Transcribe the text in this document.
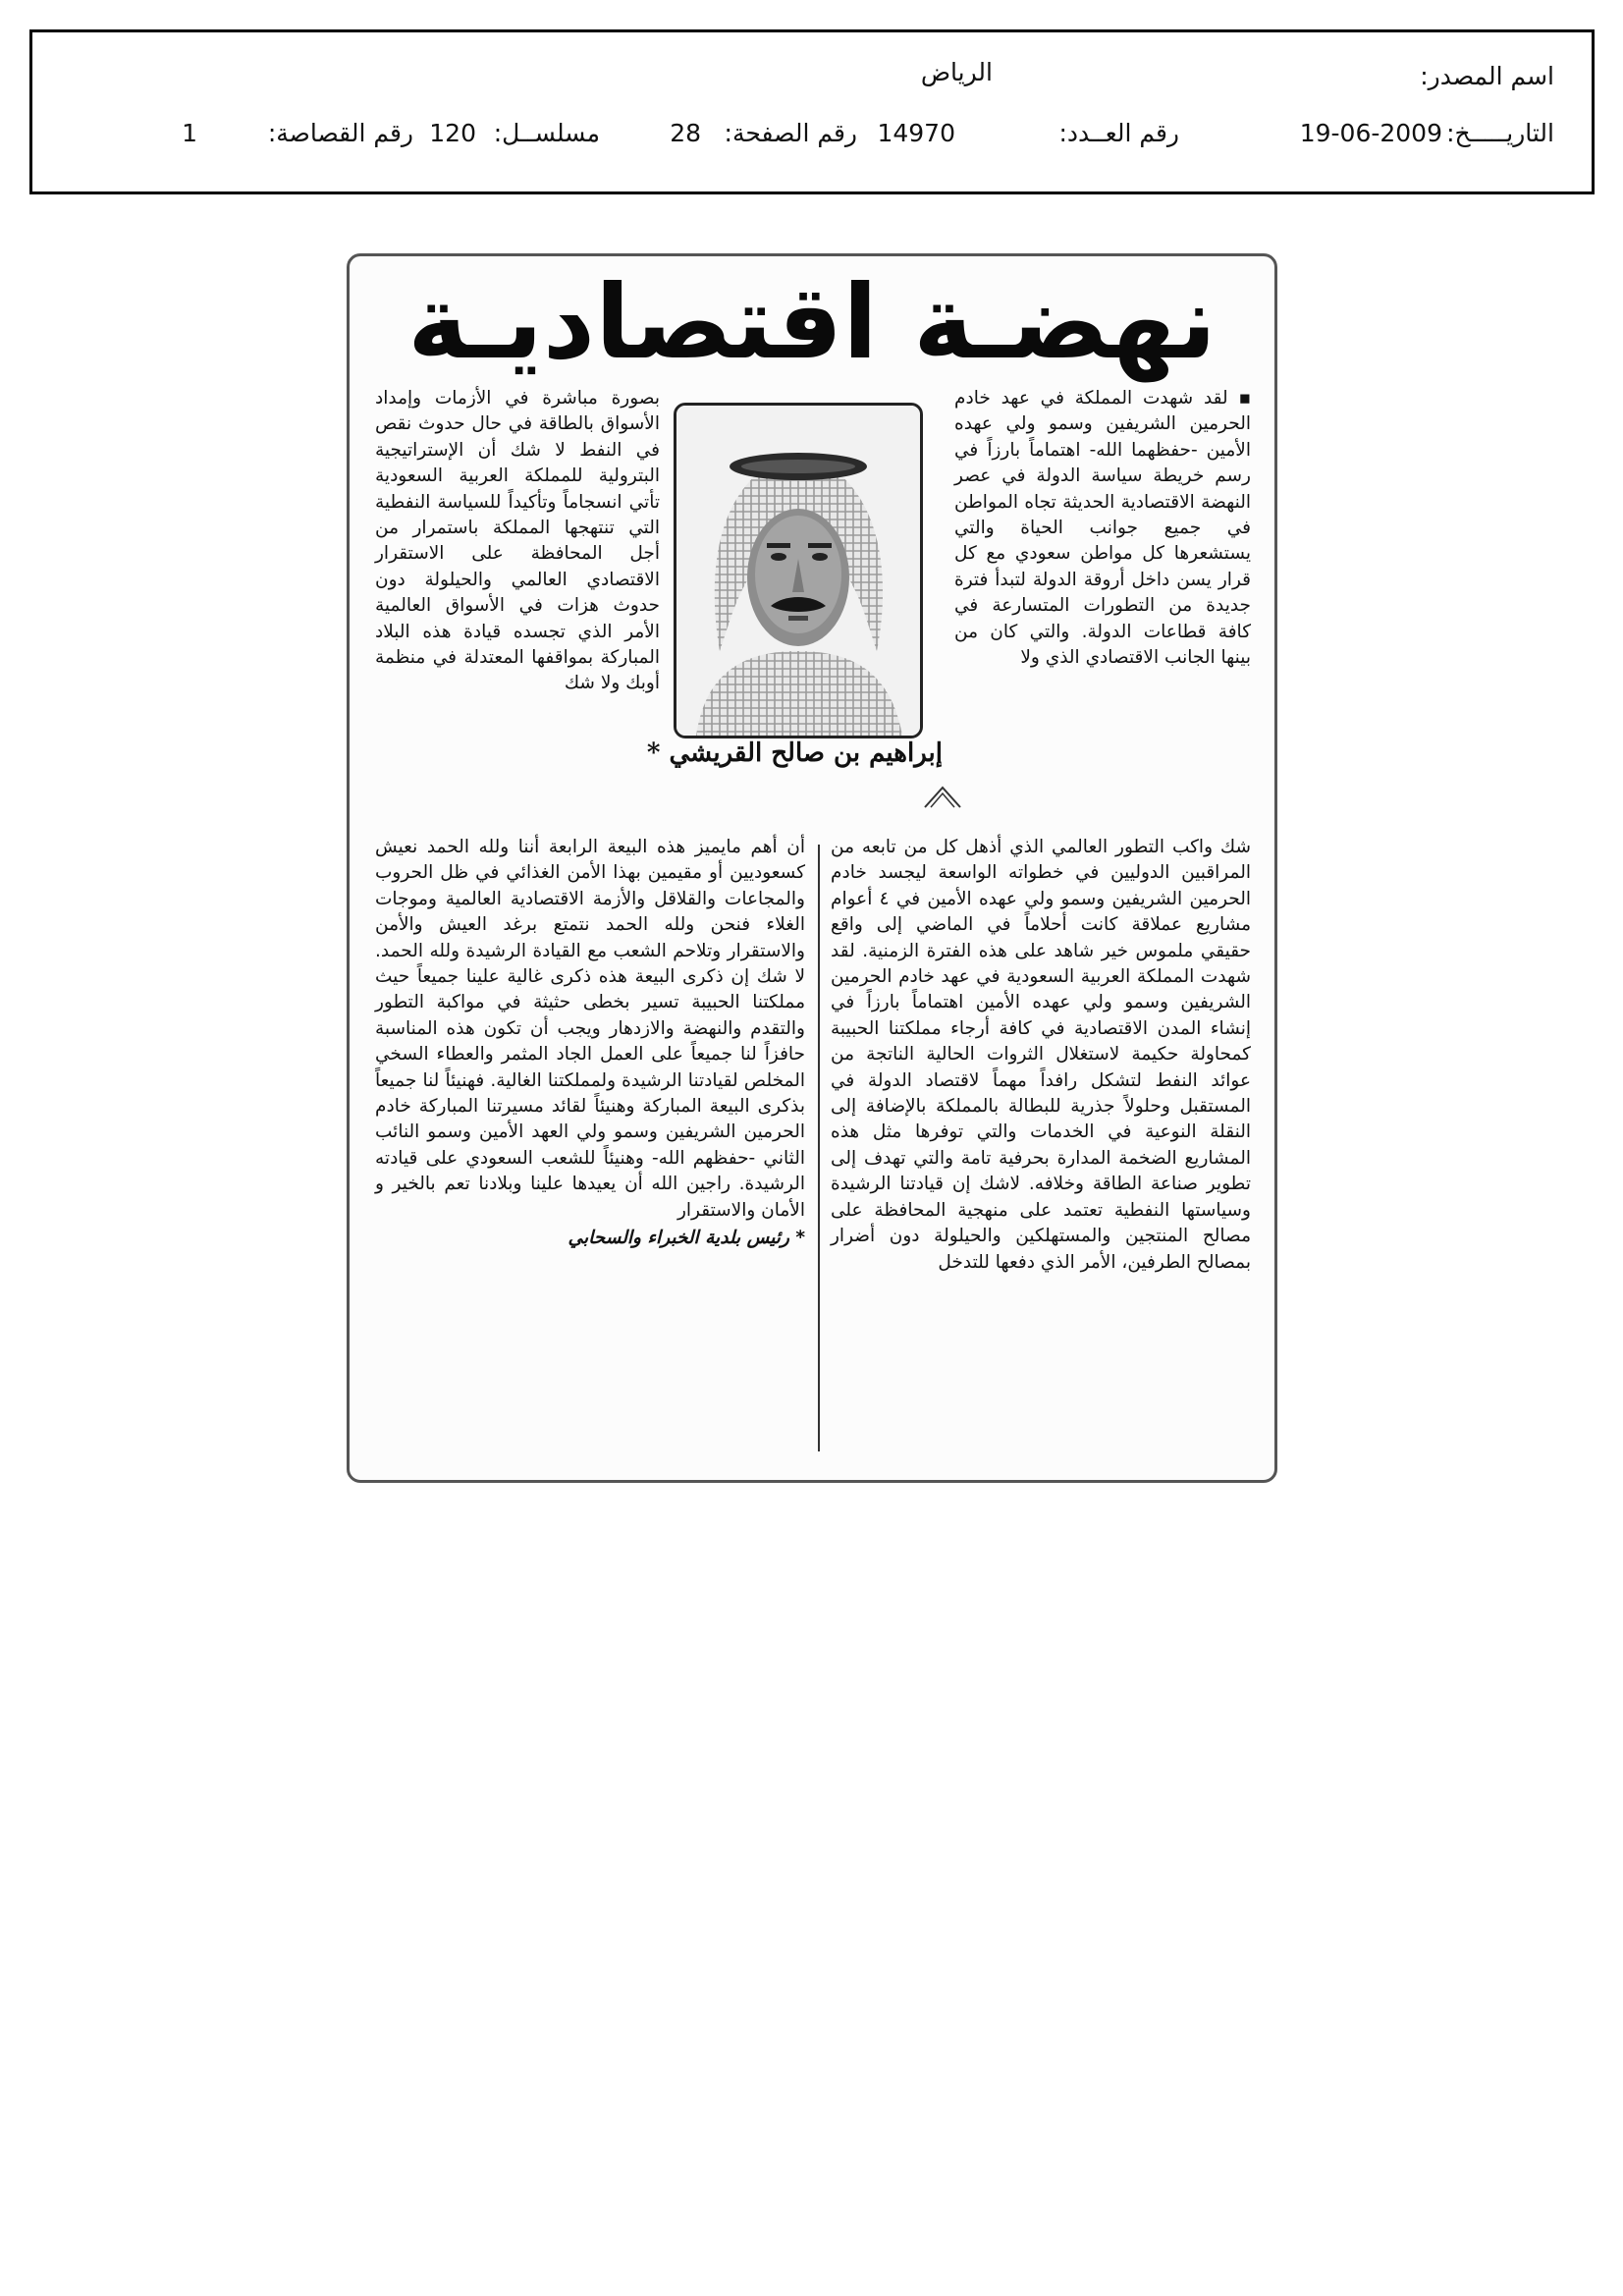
اسم المصدر:
الرياض
التاريـــــخ:
19-06-2009
رقم العــدد:
14970
رقم الصفحة:
28
مسلســل:
120
رقم القصاصة:
1
نهضـة اقتصاديـة

▪ لقد شهدت المملكة في عهد خادم الحرمين الشريفين وسمو ولي عهده الأمين -حفظهما الله- اهتماماً بارزاً في رسم خريطة سياسة الدولة في عصر النهضة الاقتصادية الحديثة تجاه المواطن في جميع جوانب الحياة والتي يستشعرها كل مواطن سعودي مع كل قرار يسن داخل أروقة الدولة لتبدأ فترة جديدة من التطورات المتسارعة في كافة قطاعات الدولة. والتي كان من بينها الجانب الاقتصادي الذي ولا

شك واكب التطور العالمي الذي أذهل كل من تابعه من المراقبين الدوليين في خطواته الواسعة ليجسد خادم الحرمين الشريفين وسمو ولي عهده الأمين في ٤ أعوام مشاريع عملاقة كانت أحلاماً في الماضي إلى واقع حقيقي ملموس خير شاهد على هذه الفترة الزمنية. لقد شهدت المملكة العربية السعودية في عهد خادم الحرمين الشريفين وسمو ولي عهده الأمين اهتماماً بارزاً في إنشاء المدن الاقتصادية في كافة أرجاء مملكتنا الحبيبة كمحاولة حكيمة لاستغلال الثروات الحالية الناتجة من عوائد النفط لتشكل رافداً مهماً لاقتصاد الدولة في المستقبل وحلولاً جذرية للبطالة بالمملكة بالإضافة إلى النقلة النوعية في الخدمات والتي توفرها مثل هذه المشاريع الضخمة المدارة بحرفية تامة والتي تهدف إلى تطوير صناعة الطاقة وخلافه. لاشك إن قيادتنا الرشيدة وسياستها النفطية تعتمد على منهجية المحافظة على مصالح المنتجين والمستهلكين والحيلولة دون أضرار بمصالح الطرفين، الأمر الذي دفعها للتدخل

بصورة مباشرة في الأزمات وإمداد الأسواق بالطاقة في حال حدوث نقص في النفط لا شك أن الإستراتيجية البترولية للمملكة العربية السعودية تأتي انسجاماً وتأكيداً للسياسة النفطية التي تنتهجها المملكة باستمرار من أجل المحافظة على الاستقرار الاقتصادي العالمي والحيلولة دون حدوث هزات في الأسواق العالمية الأمر الذي تجسده قيادة هذه البلاد المباركة بمواقفها المعتدلة في منظمة أوبك ولا شك

أن أهم مايميز هذه البيعة الرابعة أننا ولله الحمد نعيش كسعوديين أو مقيمين بهذا الأمن الغذائي في ظل الحروب والمجاعات والقلاقل والأزمة الاقتصادية العالمية وموجات الغلاء فنحن ولله الحمد نتمتع برغد العيش والأمن والاستقرار وتلاحم الشعب مع القيادة الرشيدة ولله الحمد. لا شك إن ذكرى البيعة هذه ذكرى غالية علينا جميعاً حيث مملكتنا الحبيبة تسير بخطى حثيثة في مواكبة التطور والتقدم والنهضة والازدهار ويجب أن تكون هذه المناسبة حافزاً لنا جميعاً على العمل الجاد المثمر والعطاء السخي المخلص لقيادتنا الرشيدة ولمملكتنا الغالية. فهنيئاً لنا جميعاً بذكرى البيعة المباركة وهنيئاً لقائد مسيرتنا المباركة خادم الحرمين الشريفين وسمو ولي العهد الأمين وسمو النائب الثاني -حفظهم الله- وهنيئاً للشعب السعودي على قيادته الرشيدة. راجين الله أن يعيدها علينا وبلادنا تعم بالخير و الأمان والاستقرار
* رئيس بلدية الخبراء والسحابي
إبراهيم بن صالح القريشي *
